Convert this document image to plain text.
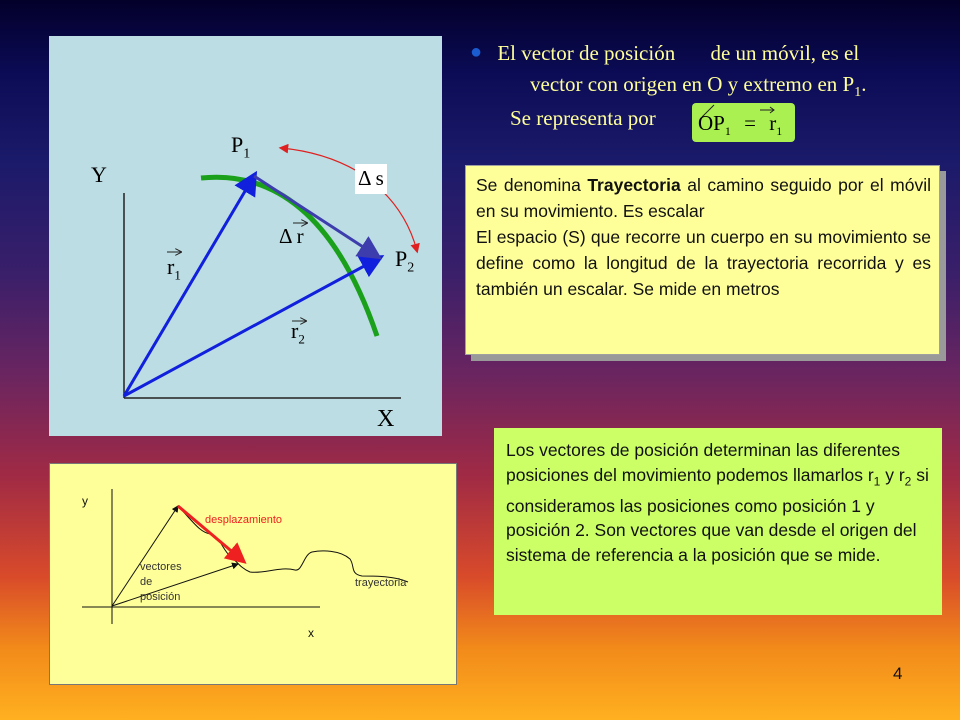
$P_1$
$P_2$
Y
X
$r_1$
$r_2$
Δ r
Δ s
● El vector de posición de un móvil, es el
vector con origen en O y extremo en $P_1$.
Se representa por $OP_1 = r_1$

Se denomina Trayectoria al camino seguido por el móvil en su movimiento. Es escalar

El espacio (S) que recorre un cuerpo en su movimiento se define como la longitud de la trayectoria recorrida y es también un escalar. Se mide en metros

y
x
desplazamiento
vectores
de
posición
trayectoria
Los vectores de posición determinan las diferentes posiciones del movimiento podemos llamarlos $r_1$ y $r_2$ si consideramos las posiciones como posición 1 y posición 2. Son vectores que van desde el origen del sistema de referencia a la posición que se mide.
4
